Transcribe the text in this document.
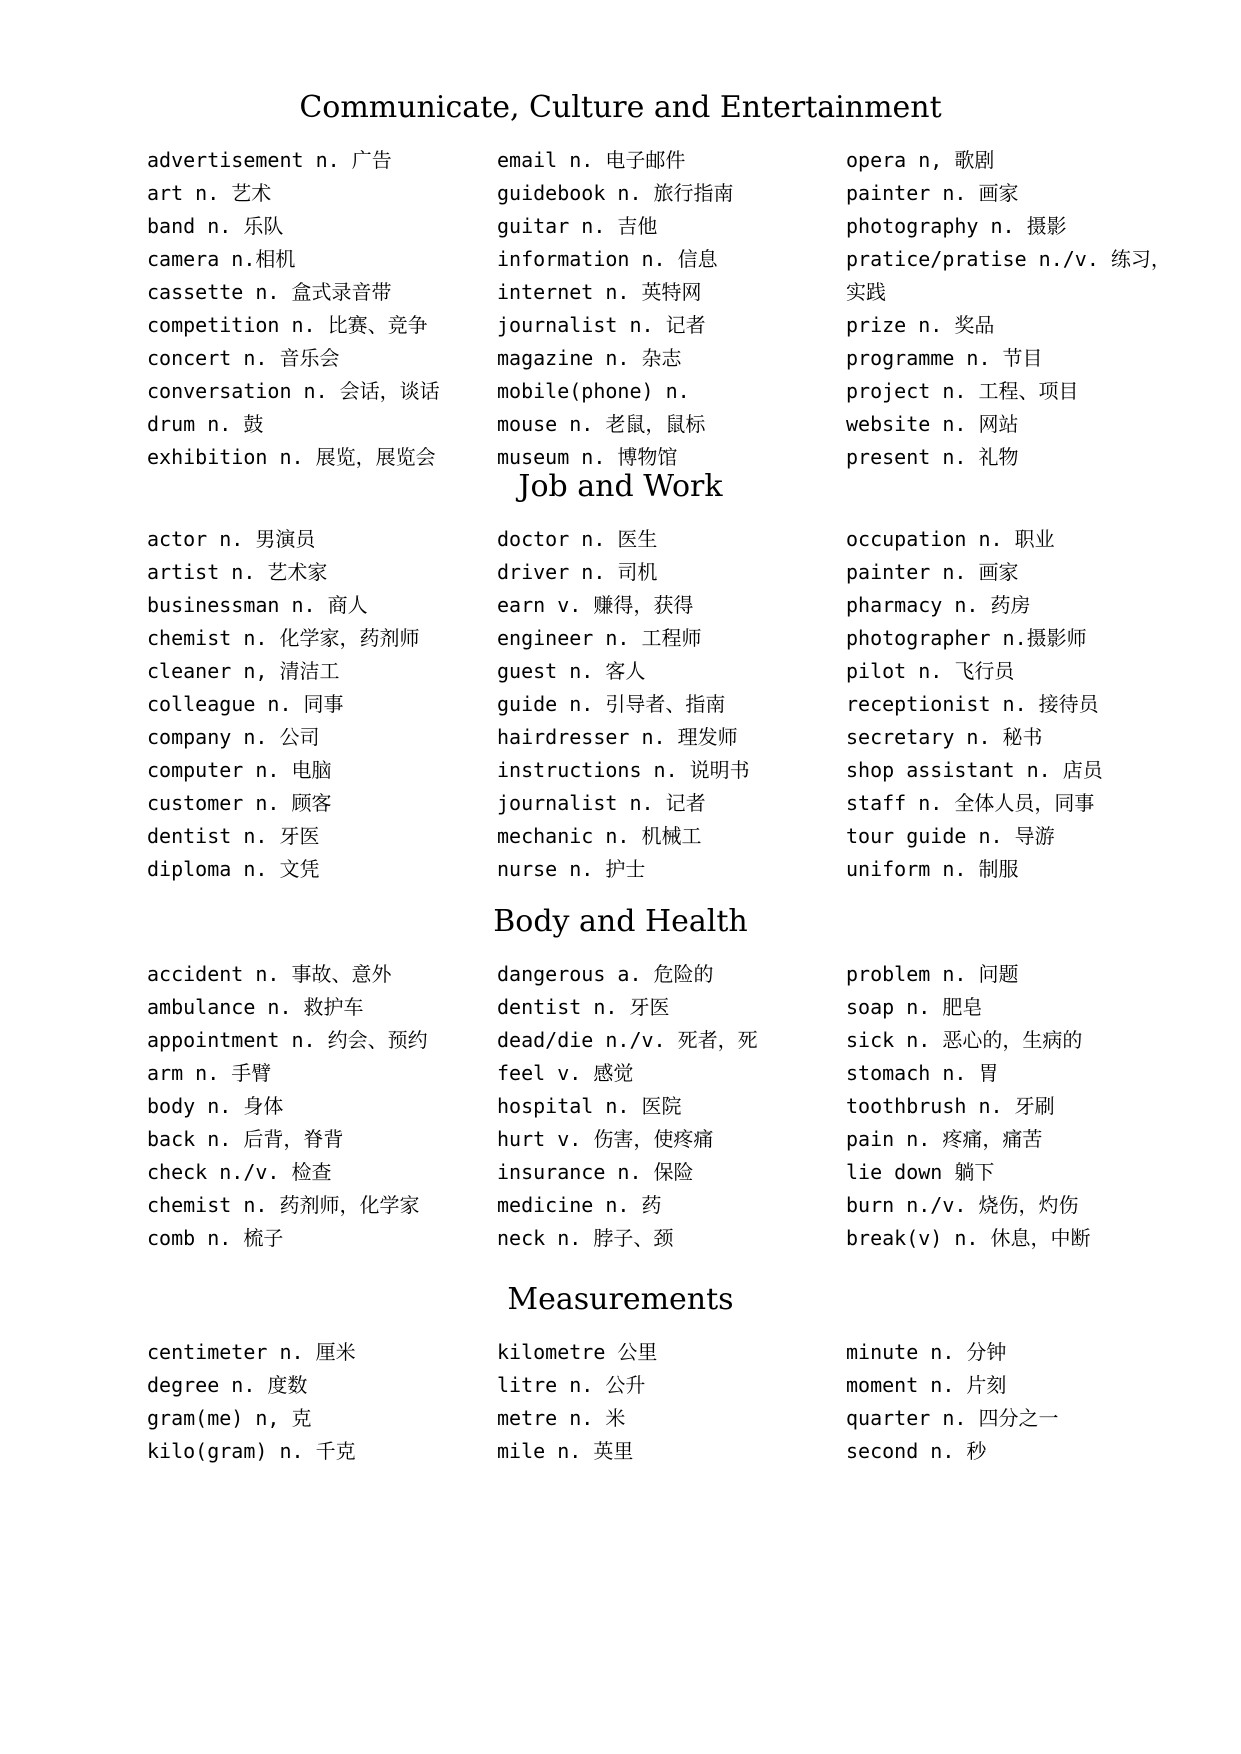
Communicate, Culture and Entertainment
advertisement n. 广告
art n. 艺术
band n. 乐队
camera n.相机
cassette n. 盒式录音带
competition n. 比赛、竞争
concert n. 音乐会
conversation n. 会话，谈话
drum n. 鼓
exhibition n. 展览，展览会
email n. 电子邮件
guidebook n. 旅行指南
guitar n. 吉他
information n. 信息
internet n. 英特网
journalist n. 记者
magazine n. 杂志
mobile(phone) n.
mouse n. 老鼠，鼠标
museum n. 博物馆
opera n, 歌剧
painter n. 画家
photography n. 摄影
pratice/pratise n./v. 练习，
实践
prize n. 奖品
programme n. 节目
project n. 工程、项目
website n. 网站
present n. 礼物
Job and Work
actor n. 男演员
artist n. 艺术家
businessman n. 商人
chemist n. 化学家，药剂师
cleaner n, 清洁工
colleague n. 同事
company n. 公司
computer n. 电脑
customer n. 顾客
dentist n. 牙医
diploma n. 文凭
doctor n. 医生
driver n. 司机
earn v. 赚得，获得
engineer n. 工程师
guest n. 客人
guide n. 引导者、指南
hairdresser n. 理发师
instructions n. 说明书
journalist n. 记者
mechanic n. 机械工
nurse n. 护士
occupation n. 职业
painter n. 画家
pharmacy n. 药房
photographer n.摄影师
pilot n. 飞行员
receptionist n. 接待员
secretary n. 秘书
shop assistant n. 店员
staff n. 全体人员，同事
tour guide n. 导游
uniform n. 制服
Body and Health
accident n. 事故、意外
ambulance n. 救护车
appointment n. 约会、预约
arm n. 手臂
body n. 身体
back n. 后背，脊背
check n./v. 检查
chemist n. 药剂师，化学家
comb n. 梳子
dangerous a. 危险的
dentist n. 牙医
dead/die n./v. 死者，死
feel v. 感觉
hospital n. 医院
hurt v. 伤害，使疼痛
insurance n. 保险
medicine n. 药
neck n. 脖子、颈
problem n. 问题
soap n. 肥皂
sick n. 恶心的，生病的
stomach n. 胃
toothbrush n. 牙刷
pain n. 疼痛，痛苦
lie down 躺下
burn n./v. 烧伤，灼伤
break(v) n. 休息，中断
Measurements
centimeter n. 厘米
degree n. 度数
gram(me) n, 克
kilo(gram) n. 千克
kilometre 公里
litre n. 公升
metre n. 米
mile n. 英里
minute n. 分钟
moment n. 片刻
quarter n. 四分之一
second n. 秒
